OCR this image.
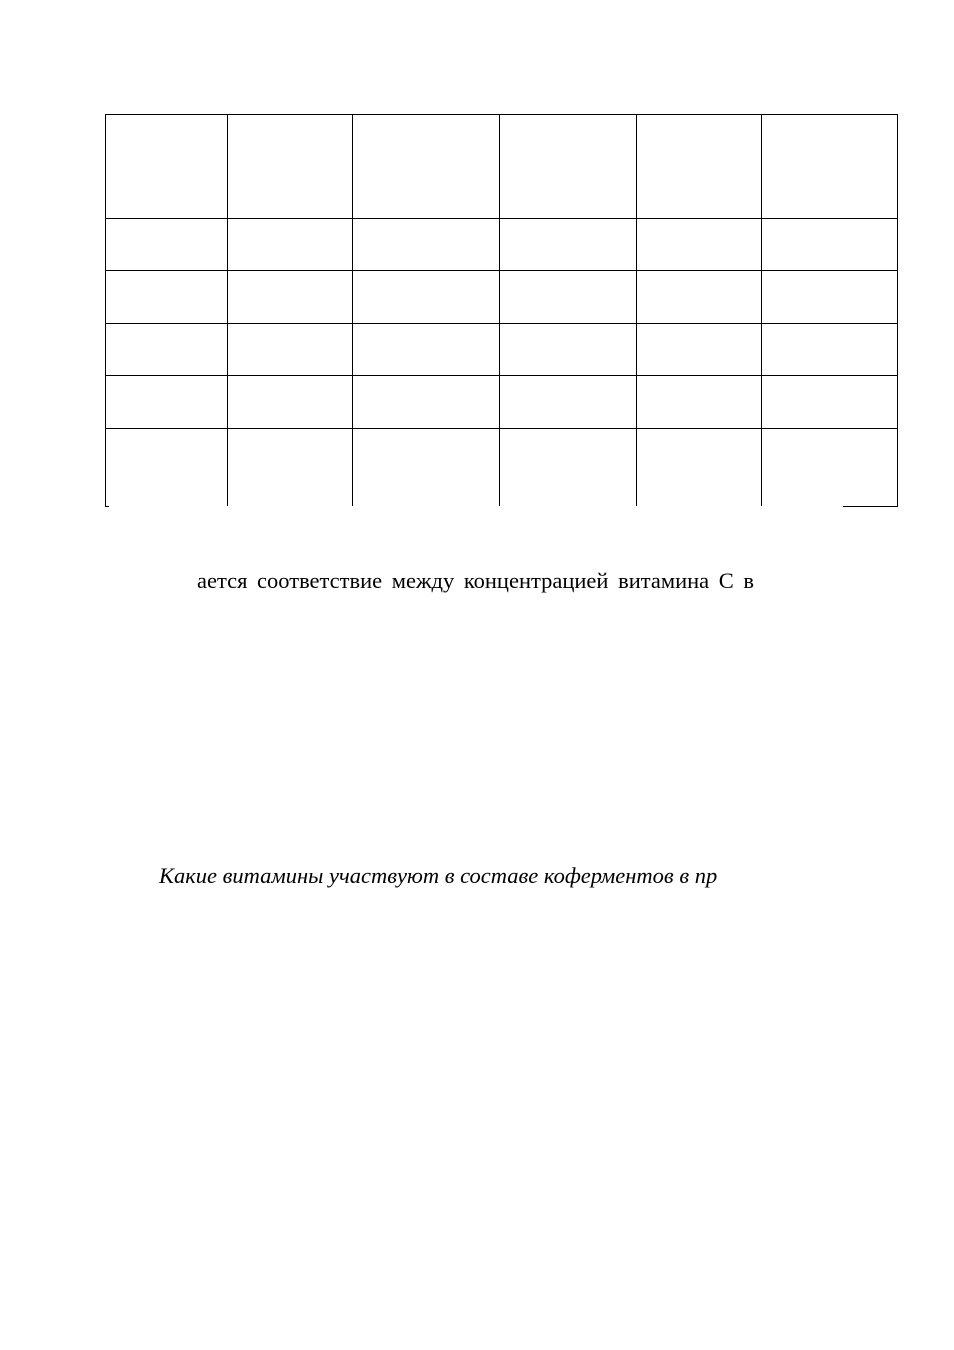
ается соответствие между концентрацией витамина С в

Какие витамины участвуют в составе коферментов в пр
